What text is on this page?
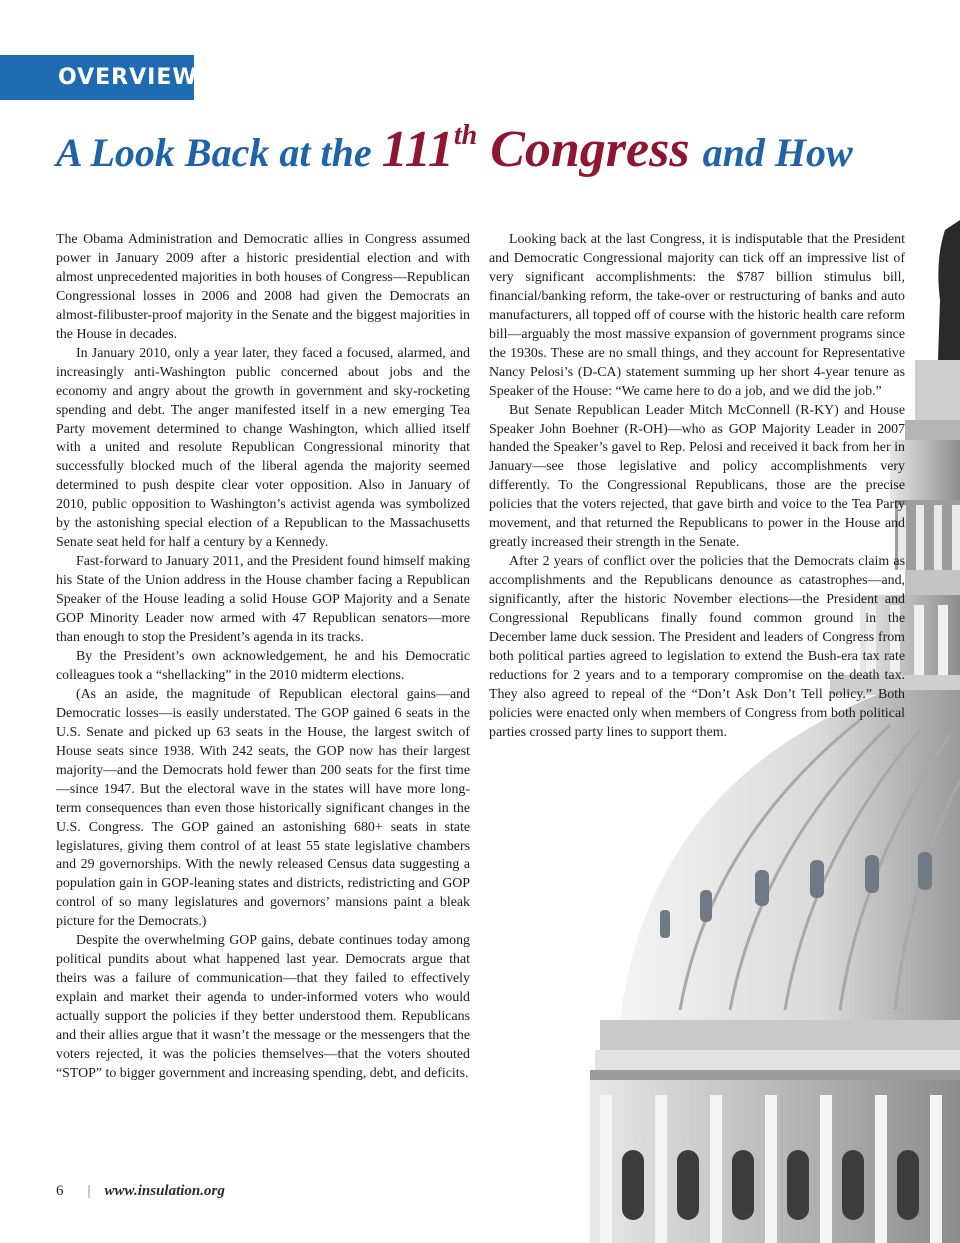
OVERVIEW:
A Look Back at the 111th Congress and How

The Obama Administration and Democratic allies in Congress assumed power in January 2009 after a historic presidential election and with almost unprecedented majorities in both houses of Congress—Republican Congressional losses in 2006 and 2008 had given the Democrats an almost-filibuster-proof majority in the Senate and the biggest majorities in the House in decades.

In January 2010, only a year later, they faced a focused, alarmed, and increasingly anti-Washington public concerned about jobs and the economy and angry about the growth in government and sky-rocketing spending and debt. The anger manifested itself in a new emerging Tea Party movement determined to change Washington, which allied itself with a united and resolute Republican Congressional minority that successfully blocked much of the liberal agenda the majority seemed determined to push despite clear voter opposition. Also in January of 2010, public opposition to Washington’s activist agenda was symbolized by the astonishing special election of a Republican to the Massachusetts Senate seat held for half a century by a Kennedy.

Fast-forward to January 2011, and the President found himself making his State of the Union address in the House chamber facing a Republican Speaker of the House leading a solid House GOP Majority and a Senate GOP Minority Leader now armed with 47 Republican senators—more than enough to stop the President’s agenda in its tracks.

By the President’s own acknowledgement, he and his Democratic colleagues took a “shellacking” in the 2010 midterm elections.

(As an aside, the magnitude of Republican electoral gains—and Democratic losses—is easily understated. The GOP gained 6 seats in the U.S. Senate and picked up 63 seats in the House, the largest switch of House seats since 1938. With 242 seats, the GOP now has their largest majority—and the Democrats hold fewer than 200 seats for the first time—since 1947. But the electoral wave in the states will have more long-term consequences than even those historically significant changes in the U.S. Congress. The GOP gained an astonishing 680+ seats in state legislatures, giving them control of at least 55 state legislative chambers and 29 governorships. With the newly released Census data suggesting a population gain in GOP-leaning states and districts, redistricting and GOP control of so many legislatures and governors’ mansions paint a bleak picture for the Democrats.)

Despite the overwhelming GOP gains, debate continues today among political pundits about what happened last year. Democrats argue that theirs was a failure of communication—that they failed to effectively explain and market their agenda to under-informed voters who would actually support the policies if they better understood them. Republicans and their allies argue that it wasn’t the message or the messengers that the voters rejected, it was the policies themselves—that the voters shouted “STOP” to bigger government and increasing spending, debt, and deficits.

Looking back at the last Congress, it is indisputable that the President and Democratic Congressional majority can tick off an impressive list of very significant accomplishments: the $787 billion stimulus bill, financial/banking reform, the take-over or restructuring of banks and auto manufacturers, all topped off of course with the historic health care reform bill—arguably the most massive expansion of government programs since the 1930s. These are no small things, and they account for Representative Nancy Pelosi’s (D-CA) statement summing up her short 4-year tenure as Speaker of the House: “We came here to do a job, and we did the job.”

But Senate Republican Leader Mitch McConnell (R-KY) and House Speaker John Boehner (R-OH)—who as GOP Majority Leader in 2007 handed the Speaker’s gavel to Rep. Pelosi and received it back from her in January—see those legislative and policy accomplishments very differently. To the Congressional Republicans, those are the precise policies that the voters rejected, that gave birth and voice to the Tea Party movement, and that returned the Republicans to power in the House and greatly increased their strength in the Senate.

After 2 years of conflict over the policies that the Democrats claim as accomplishments and the Republicans denounce as catastrophes—and, significantly, after the historic November elections—the President and Congressional Republicans finally found common ground in the December lame duck session. The President and leaders of Congress from both political parties agreed to legislation to extend the Bush-era tax rate reductions for 2 years and to a temporary compromise on the death tax. They also agreed to repeal of the “Don’t Ask Don’t Tell policy.” Both policies were enacted only when members of Congress from both political parties crossed party lines to support them.

6 | www.insulation.org
